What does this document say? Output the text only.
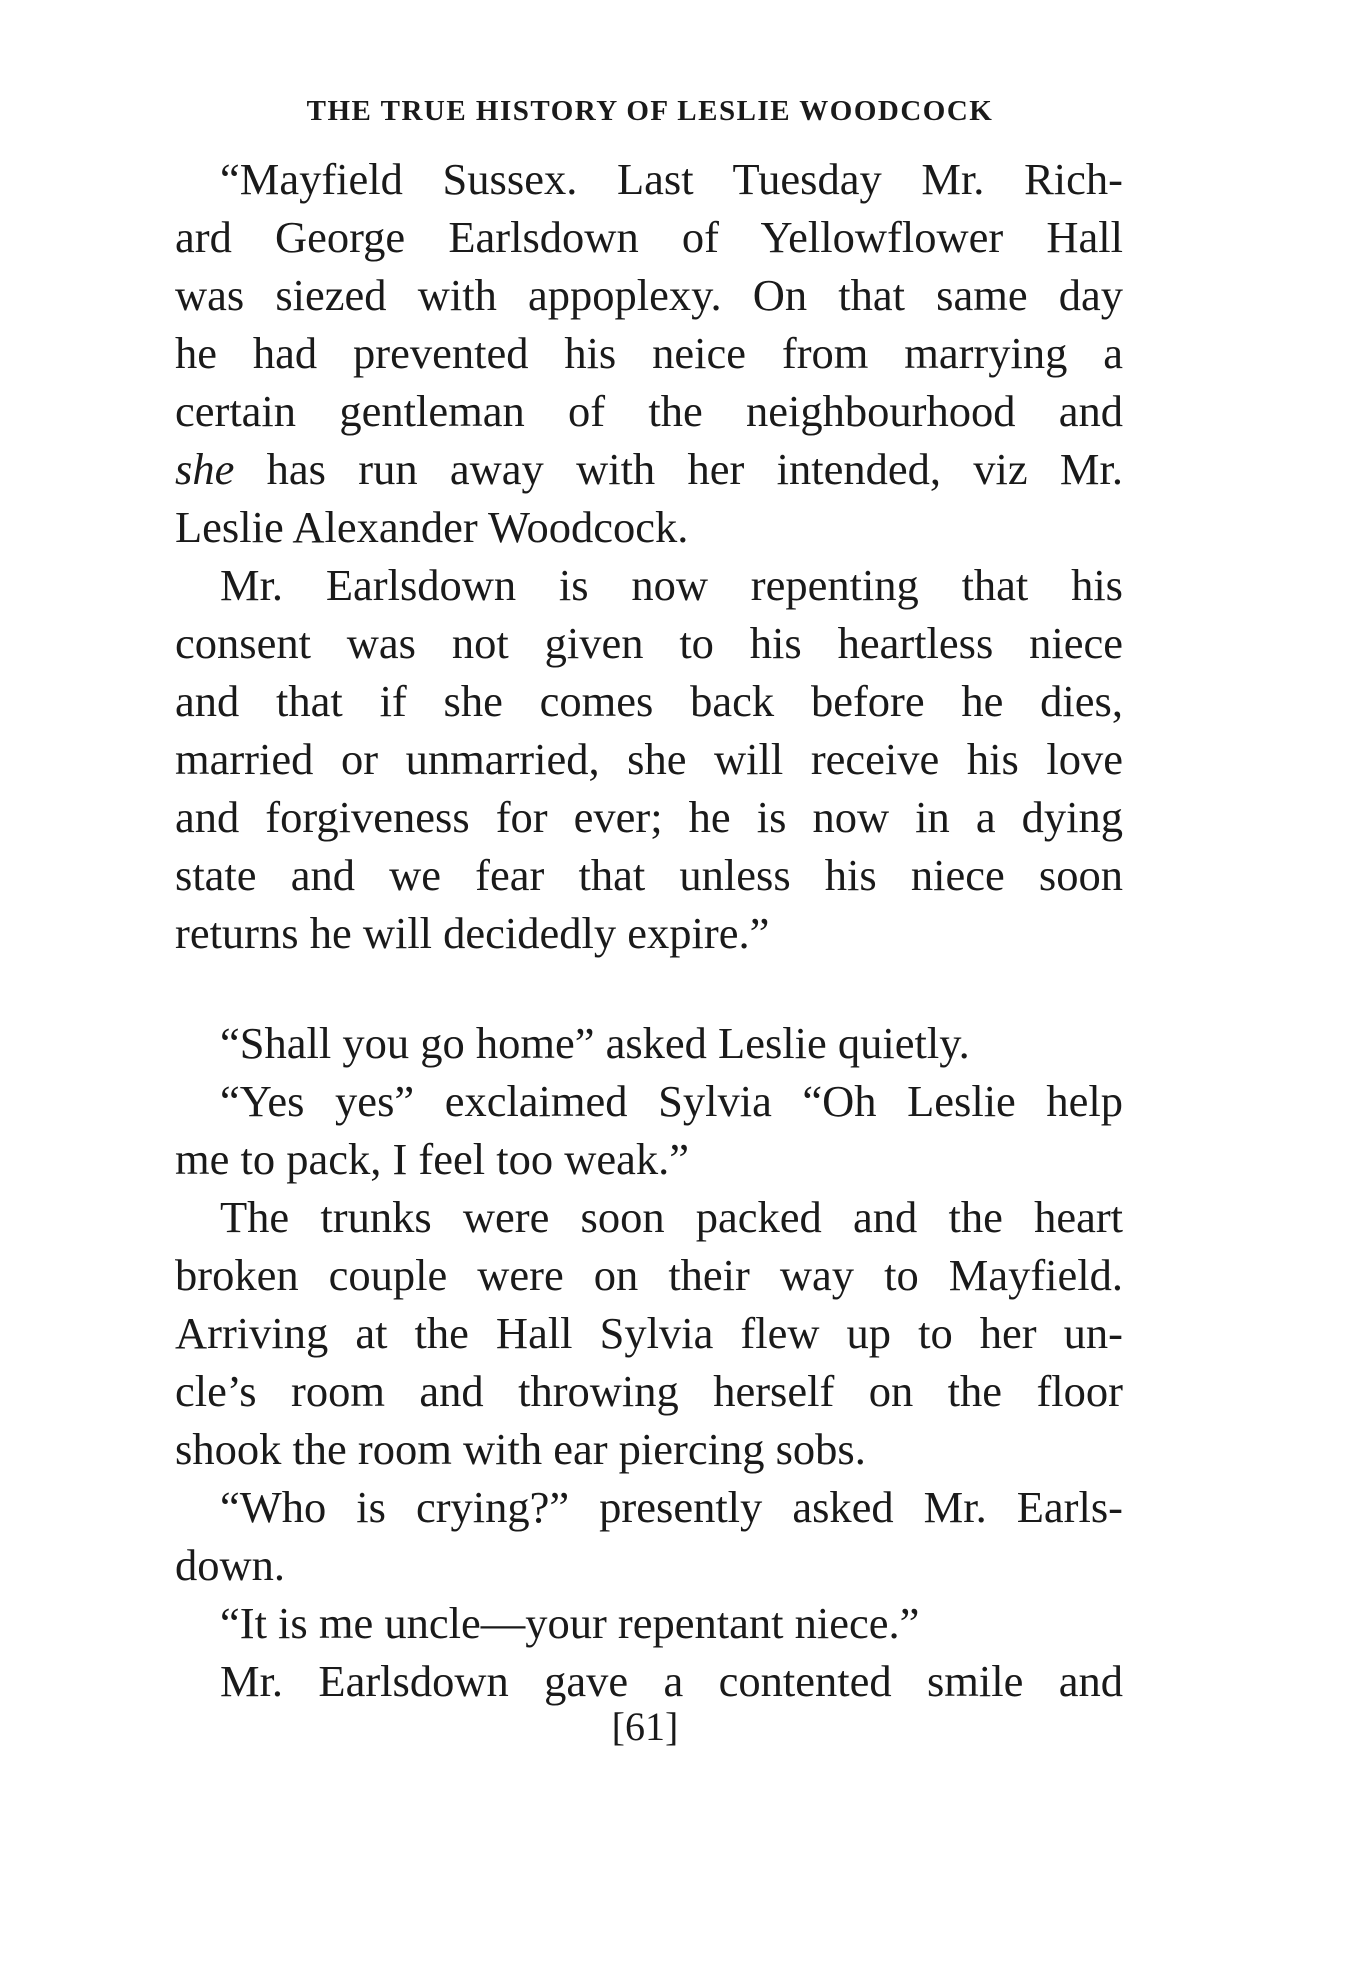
THE TRUE HISTORY OF LESLIE WOODCOCK
“Mayfield Sussex. Last Tuesday Mr. Rich-
ard George Earlsdown of Yellowflower Hall
was siezed with appoplexy. On that same day
he had prevented his neice from marrying a
certain gentleman of the neighbourhood and
she has run away with her intended, viz Mr.
Leslie Alexander Woodcock.
Mr. Earlsdown is now repenting that his
consent was not given to his heartless niece
and that if she comes back before he dies,
married or unmarried, she will receive his love
and forgiveness for ever; he is now in a dying
state and we fear that unless his niece soon
returns he will decidedly expire.”
“Shall you go home” asked Leslie quietly.
“Yes yes” exclaimed Sylvia “Oh Leslie help
me to pack, I feel too weak.”
The trunks were soon packed and the heart
broken couple were on their way to Mayfield.
Arriving at the Hall Sylvia flew up to her un-
cle’s room and throwing herself on the floor
shook the room with ear piercing sobs.
“Who is crying?” presently asked Mr. Earls-
down.
“It is me uncle—your repentant niece.”
Mr. Earlsdown gave a contented smile and
[61]
